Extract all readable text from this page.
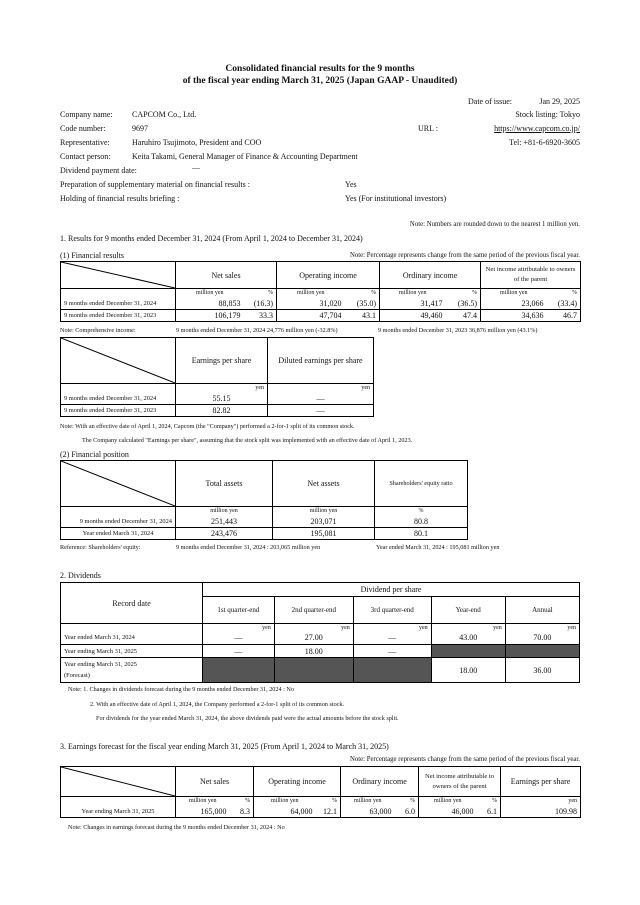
Consolidated financial results for the 9 months
of the fiscal year ending March 31, 2025 (Japan GAAP - Unaudited)
Date of issue:	Jan 29, 2025
Stock listing: Tokyo
Company name: CAPCOM Co., Ltd.
Code number:	9697	URL :	https://www.capcom.co.jp/
Representative:	Haruhiro Tsujimoto, President and COO	Tel: +81-6-6920-3605
Contact person:	Keita Takami, General Manager of Finance & Accounting Department
Dividend payment date:	―
Preparation of supplementary material on financial results :	Yes
Holding of financial results briefing :	Yes (For institutional investors)
Note: Numbers are rounded down to the nearest 1 million yen.
1. Results for 9 months ended December 31, 2024 (From April 1, 2024 to December 31, 2024)
(1) Financial results	Note: Percentage represents change from the same period of the previous fiscal year.
	Net sales		Operating income		Ordinary income		Net income attributable to owners of the parent	
	million yen	%	million yen	%	million yen	%	million yen	%
9 months ended December 31, 2024	88,853	(16.3)	31,020	(35.0)	31,417	(36.5)	23,066	(33.4)
9 months ended December 31, 2023	106,179	33.3	47,704	43.1	49,460	47.4	34,636	46.7
Note: Comprehensive income:	9 months ended December 31, 2024 24,776 million yen (-32.8%)	9 months ended December 31, 2023 36,876 million yen (43.1%)
	Earnings per share	Diluted earnings per share
	yen	yen
9 months ended December 31, 2024	55.15	―
9 months ended December 31, 2023	82.82	―
Note: With an effective date of April 1, 2024, Capcom (the "Company") performed a 2-for-1 split of its common stock.
The Company calculated "Earnings per share", assuming that the stock split was implemented with an effective date of April 1, 2023.
(2) Financial position
	Total assets	Net assets	Shareholders' equity ratio
	million yen	million yen	%
9 months ended December 31, 2024	251,443	203,071	80.8
Year ended March 31, 2024	243,476	195,081	80.1
Reference: Shareholders' equity:	9 months ended December 31, 2024 : 203,065 million yen	Year ended March 31, 2024 : 195,081 million yen
2. Dividends
Record date	Dividend per share				
	1st quarter-end	2nd quarter-end	3rd quarter-end	Year-end	Annual
	yen	yen	yen	yen	yen
Year ended March 31, 2024	―	27.00	―	43.00	70.00
Year ending March 31, 2025	―	18.00	―		

Year ending March 31, 2025
(Forecast)				18.00	36.00
Note: 1. Changes in dividends forecast during the 9 months ended December 31, 2024 : No
2. With an effective date of April 1, 2024, the Company performed a 2-for-1 split of its common stock.
For dividends for the year ended March 31, 2024, the above dividends paid were the actual amounts before the stock split.
3. Earnings forecast for the fiscal year ending March 31, 2025 (From April 1, 2024 to March 31, 2025)
Note: Percentage represents change from the same period of the previous fiscal year.
	Net sales		Operating income		Ordinary income		Net income attributable to owners of the parent		Earnings per share
	million yen	%	million yen	%	million yen	%	million yen	%	yen
Year ending March 31, 2025	165,000	8.3	64,000	12.1	63,000	6.0	46,000	6.1	109.98
Note: Changes in earnings forecast during the 9 months ended December 31, 2024 : No
